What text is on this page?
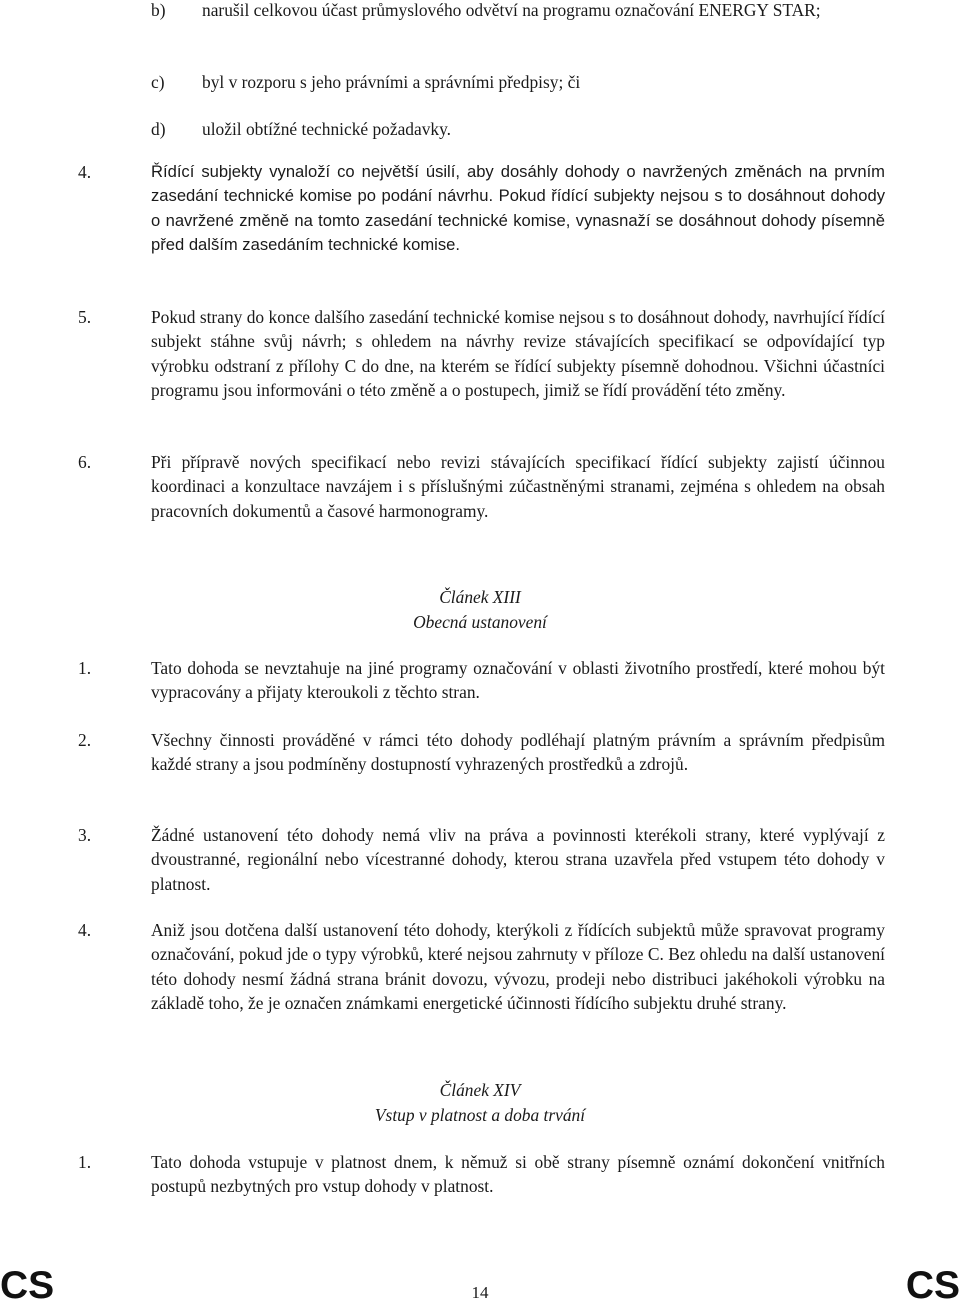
b) narušil celkovou účast průmyslového odvětví na programu označování ENERGY STAR;
c) byl v rozporu s jeho právními a správními předpisy; či
d) uložil obtížné technické požadavky.
4.	Řídící subjekty vynaloží co největší úsilí, aby dosáhly dohody o navržených změnách na prvním zasedání technické komise po podání návrhu. Pokud řídící subjekty nejsou s to dosáhnout dohody o navržené změně na tomto zasedání technické komise, vynasnaží se dosáhnout dohody písemně před dalším zasedáním technické komise.
5.	Pokud strany do konce dalšího zasedání technické komise nejsou s to dosáhnout dohody, navrhující řídící subjekt stáhne svůj návrh; s ohledem na návrhy revize stávajících specifikací se odpovídající typ výrobku odstraní z přílohy C do dne, na kterém se řídící subjekty písemně dohodnou. Všichni účastníci programu jsou informováni o této změně a o postupech, jimiž se řídí provádění této změny.
6.	Při přípravě nových specifikací nebo revizi stávajících specifikací řídící subjekty zajistí účinnou koordinaci a konzultace navzájem i s příslušnými zúčastněnými stranami, zejména s ohledem na obsah pracovních dokumentů a časové harmonogramy.
Článek XIII
Obecná ustanovení
1.	Tato dohoda se nevztahuje na jiné programy označování v oblasti životního prostředí, které mohou být vypracovány a přijaty kteroukoli z těchto stran.
2.	Všechny činnosti prováděné v rámci této dohody podléhají platným právním a správním předpisům každé strany a jsou podmíněny dostupností vyhrazených prostředků a zdrojů.
3.	Žádné ustanovení této dohody nemá vliv na práva a povinnosti kterékoli strany, které vyplývají z dvoustranné, regionální nebo vícestranné dohody, kterou strana uzavřela před vstupem této dohody v platnost.
4.	Aniž jsou dotčena další ustanovení této dohody, kterýkoli z řídících subjektů může spravovat programy označování, pokud jde o typy výrobků, které nejsou zahrnuty v příloze C. Bez ohledu na další ustanovení této dohody nesmí žádná strana bránit dovozu, vývozu, prodeji nebo distribuci jakéhokoli výrobku na základě toho, že je označen známkami energetické účinnosti řídícího subjektu druhé strany.
Článek XIV
Vstup v platnost a doba trvání
1.	Tato dohoda vstupuje v platnost dnem, k němuž si obě strany písemně oznámí dokončení vnitřních postupů nezbytných pro vstup dohody v platnost.
CS	14	CS
